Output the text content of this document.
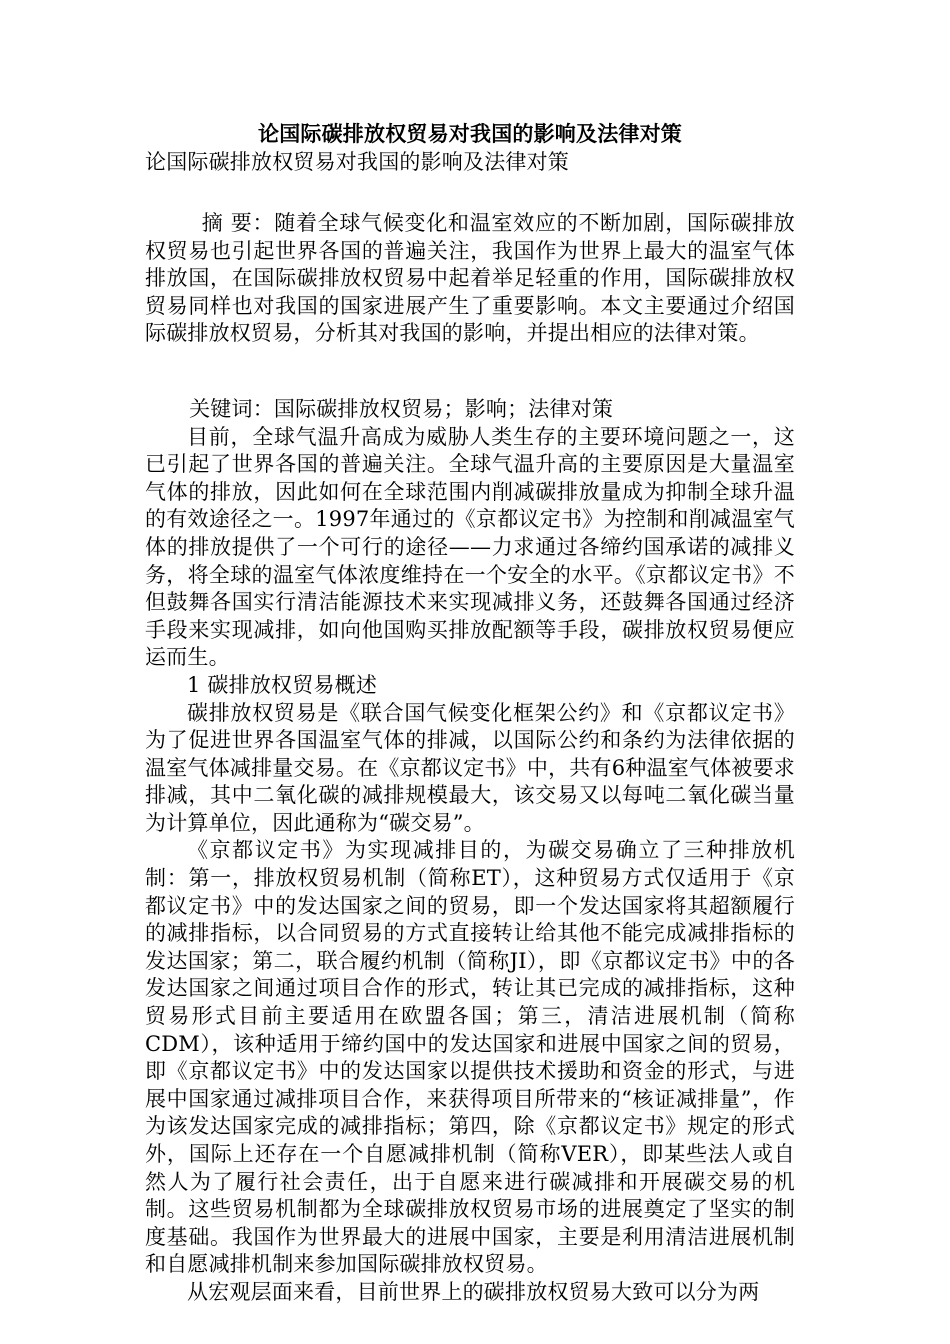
论国际碳排放权贸易对我国的影响及法律对策
论国际碳排放权贸易对我国的影响及法律对策

摘 要：随着全球气候变化和温室效应的不断加剧，国际碳排放权贸易也引起世界各国的普遍关注，我国作为世界上最大的温室气体排放国，在国际碳排放权贸易中起着举足轻重的作用，国际碳排放权贸易同样也对我国的国家进展产生了重要影响。本文主要通过介绍国际碳排放权贸易，分析其对我国的影响，并提出相应的法律对策。

关键词：国际碳排放权贸易；影响；法律对策

目前，全球气温升高成为威胁人类生存的主要环境问题之一，这已引起了世界各国的普遍关注。全球气温升高的主要原因是大量温室气体的排放，因此如何在全球范围内削减碳排放量成为抑制全球升温的有效途径之一。1997年通过的《京都议定书》为控制和削减温室气体的排放提供了一个可行的途径——力求通过各缔约国承诺的减排义务，将全球的温室气体浓度维持在一个安全的水平。《京都议定书》不但鼓舞各国实行清洁能源技术来实现减排义务，还鼓舞各国通过经济手段来实现减排，如向他国购买排放配额等手段，碳排放权贸易便应运而生。

1 碳排放权贸易概述

碳排放权贸易是《联合国气候变化框架公约》和《京都议定书》为了促进世界各国温室气体的排减，以国际公约和条约为法律依据的温室气体减排量交易。在《京都议定书》中，共有6种温室气体被要求排减，其中二氧化碳的减排规模最大，该交易又以每吨二氧化碳当量为计算单位，因此通称为“碳交易”。

《京都议定书》为实现减排目的，为碳交易确立了三种排放机制：第一，排放权贸易机制（简称ET），这种贸易方式仅适用于《京都议定书》中的发达国家之间的贸易，即一个发达国家将其超额履行的减排指标，以合同贸易的方式直接转让给其他不能完成减排指标的发达国家；第二，联合履约机制（简称JI），即《京都议定书》中的各发达国家之间通过项目合作的形式，转让其已完成的减排指标，这种贸易形式目前主要适用在欧盟各国；第三，清洁进展机制（简称CDM），该种适用于缔约国中的发达国家和进展中国家之间的贸易，即《京都议定书》中的发达国家以提供技术援助和资金的形式，与进展中国家通过减排项目合作，来获得项目所带来的“核证减排量”，作为该发达国家完成的减排指标；第四，除《京都议定书》规定的形式外，国际上还存在一个自愿减排机制（简称VER），即某些法人或自然人为了履行社会责任，出于自愿来进行碳减排和开展碳交易的机制。这些贸易机制都为全球碳排放权贸易市场的进展奠定了坚实的制度基础。我国作为世界最大的进展中国家，主要是利用清洁进展机制和自愿减排机制来参加国际碳排放权贸易。

从宏观层面来看，目前世界上的碳排放权贸易大致可以分为两
